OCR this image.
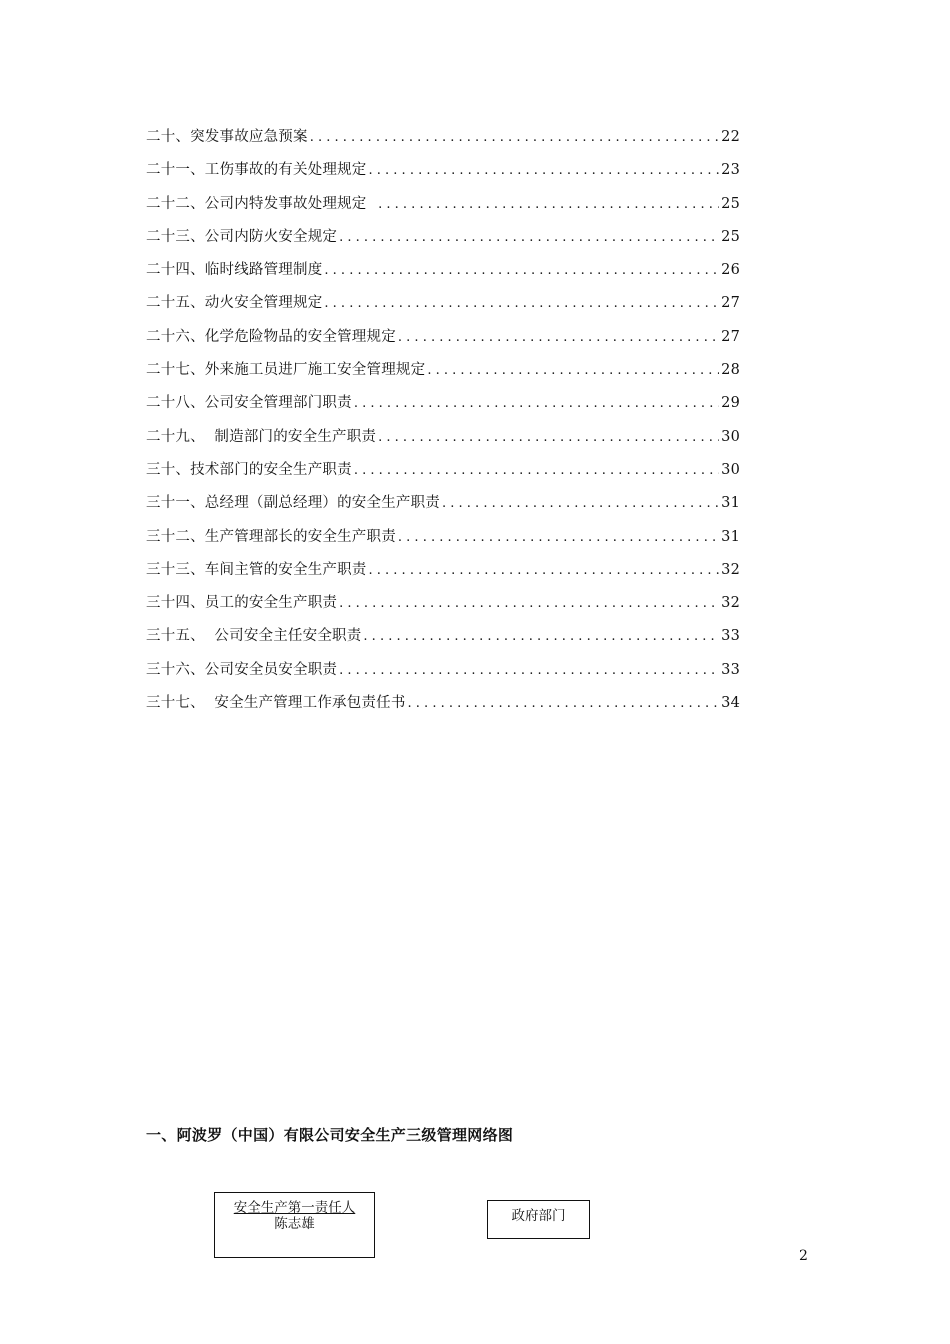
二十、突发事故应急预案 . . .	22
二十一、工伤事故的有关处理规定 . . .	23
二十二、公司内特发事故处理规定 . . .	25
二十三、公司内防火安全规定 . . .	25
二十四、临时线路管理制度 . . .	26
二十五、动火安全管理规定 . . .	27
二十六、化学危险物品的安全管理规定 . . .	27
二十七、外来施工员进厂施工安全管理规定 . . .	28
二十八、公司安全管理部门职责 . . .	29
二十九、  制造部门的安全生产职责 . . .	30
三十、技术部门的安全生产职责 . . .	30
三十一、总经理（副总经理）的安全生产职责 . . .	31
三十二、生产管理部长的安全生产职责 . . .	31
三十三、车间主管的安全生产职责 . . .	32
三十四、员工的安全生产职责 . . .	32
三十五、  公司安全主任安全职责 . . .	33
三十六、公司安全员安全职责 . . .	33
三十七、  安全生产管理工作承包责任书 . . .	34
一、阿波罗（中国）有限公司安全生产三级管理网络图
安全生产第一责任人
陈志雄	政府部门
2
